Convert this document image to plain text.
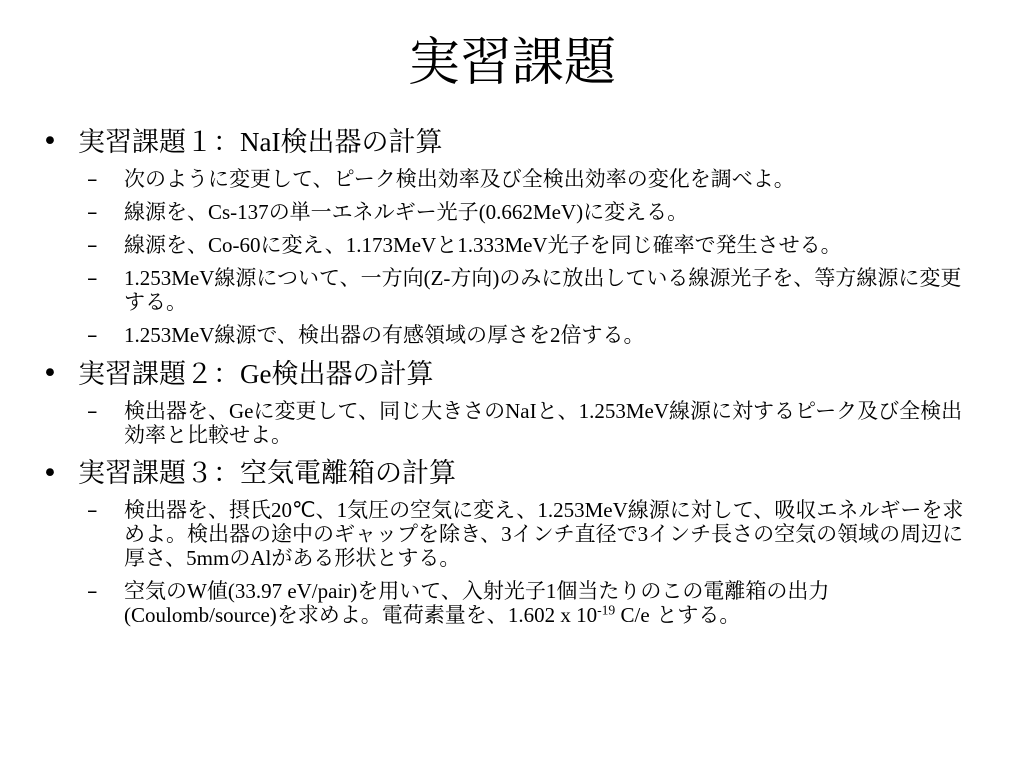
実習課題
• 実習課題１：NaI検出器の計算
– 次のように変更して、ピーク検出効率及び全検出効率の変化を調べよ。
– 線源を、Cs-137の単一エネルギー光子(0.662MeV)に変える。
– 線源を、Co-60に変え、1.173MeVと1.333MeV光子を同じ確率で発生させる。
– 1.253MeV線源について、一方向(Z-方向)のみに放出している線源光子を、等方線源に変更する。
– 1.253MeV線源で、検出器の有感領域の厚さを2倍する。
• 実習課題２：Ge検出器の計算
– 検出器を、Geに変更して、同じ大きさのNaIと、1.253MeV線源に対するピーク及び全検出効率と比較せよ。
• 実習課題３：空気電離箱の計算
– 検出器を、摂氏20℃、1気圧の空気に変え、1.253MeV線源に対して、吸収エネルギーを求めよ。検出器の途中のギャップを除き、3インチ直径で3インチ長さの空気の領域の周辺に厚さ、5mmのAlがある形状とする。
– 空気のW値(33.97 eV/pair)を用いて、入射光子1個当たりのこの電離箱の出力(Coulomb/source)を求めよ。電荷素量を、1.602 x $10^{-19}$ C/e とする。
